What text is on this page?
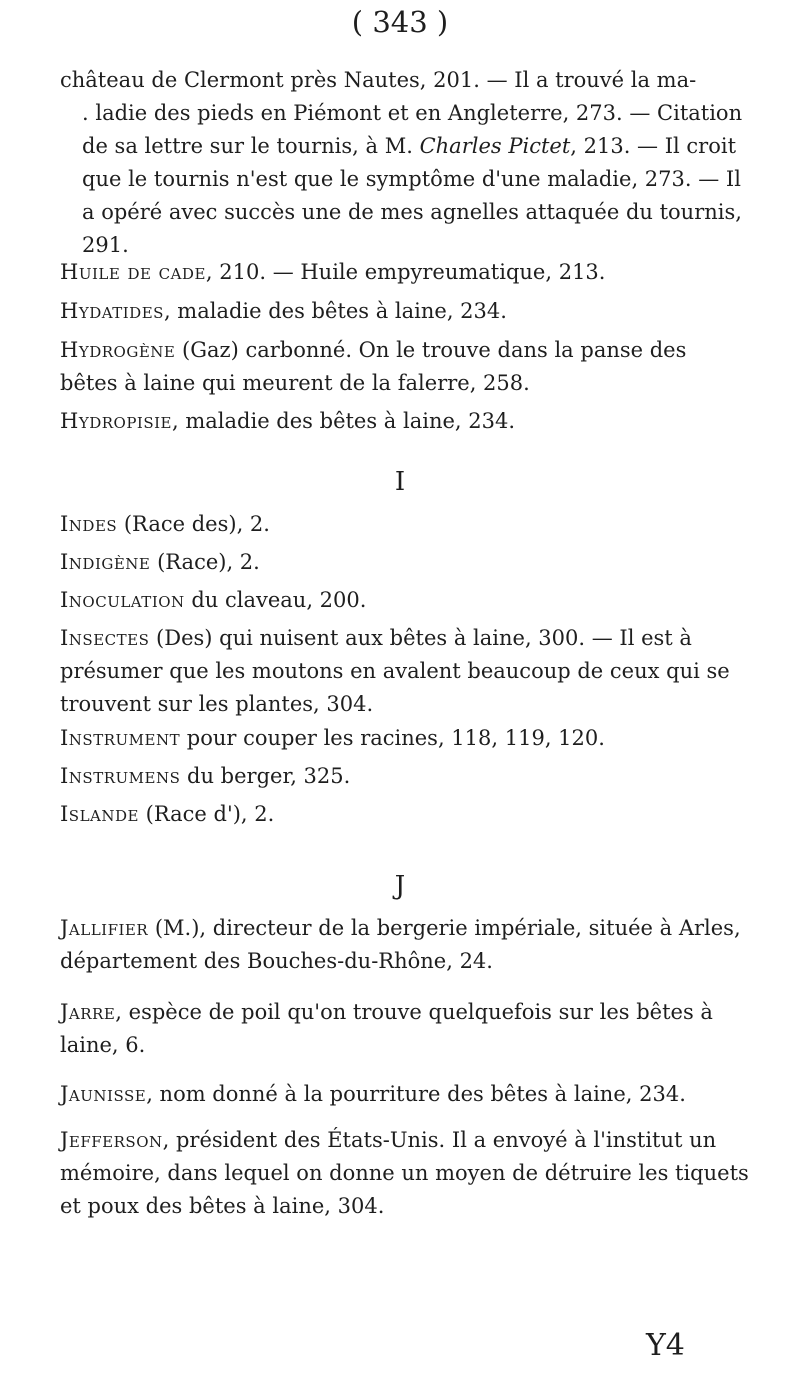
( 343 )
château de Clermont près Nautes, 201. — Il a trouvé la ma-
. ladie des pieds en Piémont et en Angleterre, 273. — Citation de sa lettre sur le tournis, à M. Charles Pictet, 213. — Il croit que le tournis n'est que le symptôme d'une maladie, 273. — Il a opéré avec succès une de mes agnelles attaquée du tournis, 291.
Huile de cade, 210. — Huile empyreumatique, 213.
Hydatides, maladie des bêtes à laine, 234.
Hydrogène (Gaz) carbonné. On le trouve dans la panse des bêtes à laine qui meurent de la falerre, 258.
Hydropisie, maladie des bêtes à laine, 234.
I
Indes (Race des), 2.
Indigène (Race), 2.
Inoculation du claveau, 200.
Insectes (Des) qui nuisent aux bêtes à laine, 300. — Il est à présumer que les moutons en avalent beaucoup de ceux qui se trouvent sur les plantes, 304.
Instrument pour couper les racines, 118, 119, 120.
Instrumens du berger, 325.
Islande (Race d'), 2.
J
Jallifier (M.), directeur de la bergerie impériale, située à Arles, département des Bouches-du-Rhône, 24.
Jarre, espèce de poil qu'on trouve quelquefois sur les bêtes à laine, 6.
Jaunisse, nom donné à la pourriture des bêtes à laine, 234.
Jefferson, président des États-Unis. Il a envoyé à l'institut un mémoire, dans lequel on donne un moyen de détruire les tiquets et poux des bêtes à laine, 304.
Y4
